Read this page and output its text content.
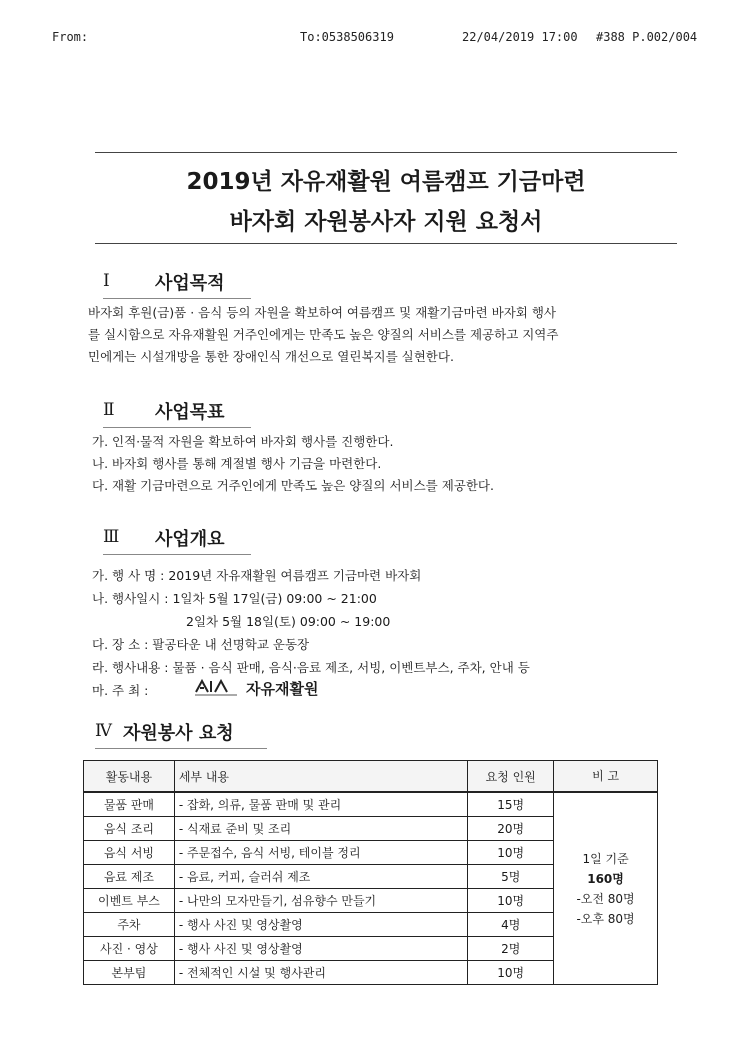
From:	To:0538506319	22/04/2019 17:00 #388 P.002/004
2019년 자유재활원 여름캠프 기금마련
바자회 자원봉사자 지원 요청서
Ⅰ	사업목적
바자회 후원(금)품 · 음식 등의 자원을 확보하여 여름캠프 및 재활기금마련 바자회 행사
를 실시함으로 자유재활원 거주인에게는 만족도 높은 양질의 서비스를 제공하고 지역주
민에게는 시설개방을 통한 장애인식 개선으로 열린복지를 실현한다.
Ⅱ 사업목표
가. 인적·물적 자원을 확보하여 바자회 행사를 진행한다.
나. 바자회 행사를 통해 계절별 행사 기금을 마련한다.
다. 재활 기금마련으로 거주인에게 만족도 높은 양질의 서비스를 제공한다.
Ⅲ 사업개요
가. 행 사 명 : 2019년 자유재활원 여름캠프 기금마련 바자회
나. 행사일시 : 1일차 5월 17일(금) 09:00 ~ 21:00
2일차 5월 18일(토) 09:00 ~ 19:00
다. 장 소 : 팔공타운 내 선명학교 운동장
라. 행사내용 : 물품 · 음식 판매, 음식·음료 제조, 서빙, 이벤트부스, 주차, 안내 등
마. 주 최 :	자유재활원
Ⅳ 자원봉사 요청
활동내용	세부 내용	요청 인원	비 고
물품 판매	- 잡화, 의류, 물품 판매 및 관리	15명	1일 기준
160명
-오전 80명
-오후 80명

음식 조리	- 식재료 준비 및 조리	20명	
음식 서빙	- 주문접수, 음식 서빙, 테이블 정리	10명	
음료 제조	- 음료, 커피, 슬러쉬 제조	5명	
이벤트 부스	- 나만의 모자만들기, 섬유향수 만들기	10명	
주차	- 행사 사진 및 영상촬영	4명	
사진 · 영상	- 행사 사진 및 영상촬영	2명	
본부팀	- 전체적인 시설 및 행사관리	10명	
